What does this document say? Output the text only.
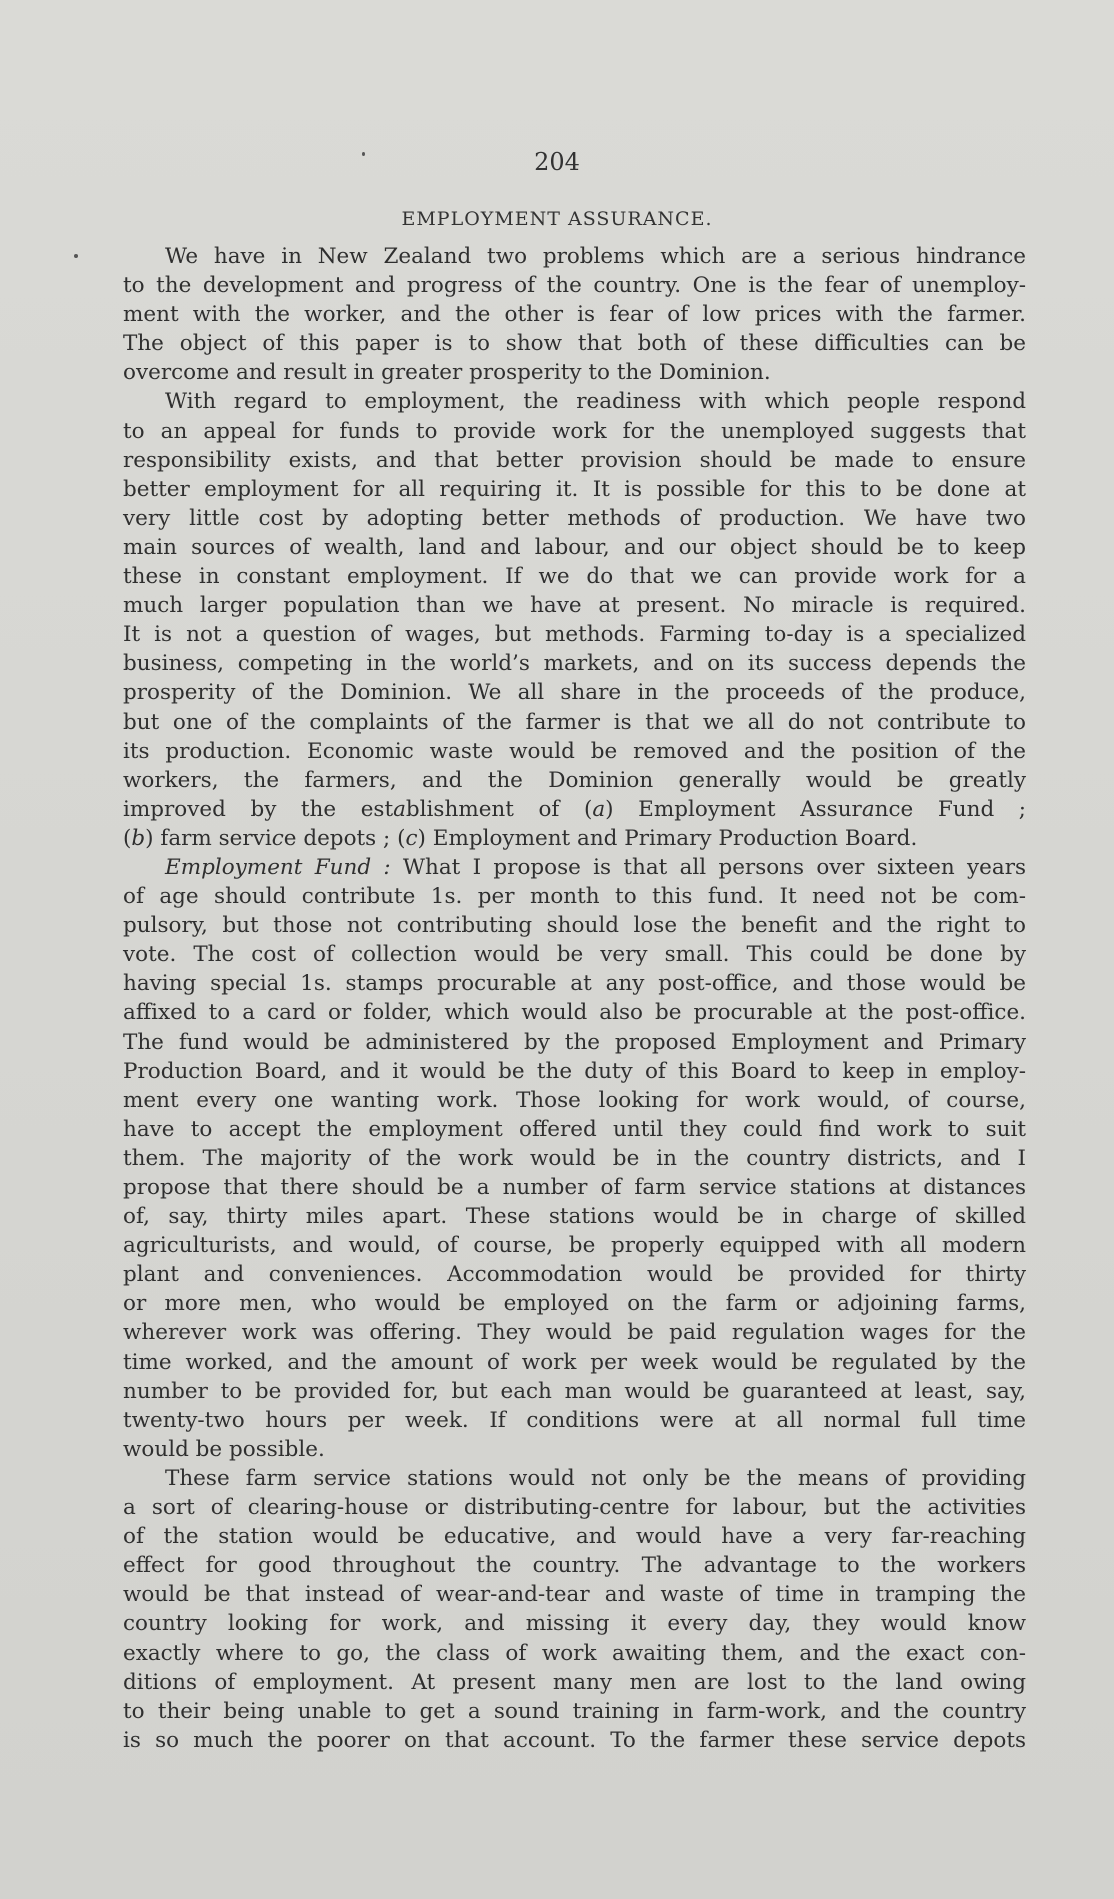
204
EMPLOYMENT ASSURANCE.
We have in New Zealand two problems which are a serious hindrance
to the development and progress of the country. One is the fear of unemploy-
ment with the worker, and the other is fear of low prices with the farmer.
The object of this paper is to show that both of these difficulties can be
overcome and result in greater prosperity to the Dominion.
With regard to employment, the readiness with which people respond
to an appeal for funds to provide work for the unemployed suggests that
responsibility exists, and that better provision should be made to ensure
better employment for all requiring it. It is possible for this to be done at
very little cost by adopting better methods of production. We have two
main sources of wealth, land and labour, and our object should be to keep
these in constant employment. If we do that we can provide work for a
much larger population than we have at present. No miracle is required.
It is not a question of wages, but methods. Farming to-day is a specialized
business, competing in the world’s markets, and on its success depends the
prosperity of the Dominion. We all share in the proceeds of the produce,
but one of the complaints of the farmer is that we all do not contribute to
its production. Economic waste would be removed and the position of the
workers, the farmers, and the Dominion generally would be greatly
improved by the establishment of (a) Employment Assurance Fund ;
(b) farm service depots ; (c) Employment and Primary Production Board.
Employment Fund : What I propose is that all persons over sixteen years
of age should contribute 1s. per month to this fund. It need not be com-
pulsory, but those not contributing should lose the benefit and the right to
vote. The cost of collection would be very small. This could be done by
having special 1s. stamps procurable at any post-office, and those would be
affixed to a card or folder, which would also be procurable at the post-office.
The fund would be administered by the proposed Employment and Primary
Production Board, and it would be the duty of this Board to keep in employ-
ment every one wanting work. Those looking for work would, of course,
have to accept the employment offered until they could find work to suit
them. The majority of the work would be in the country districts, and I
propose that there should be a number of farm service stations at distances
of, say, thirty miles apart. These stations would be in charge of skilled
agriculturists, and would, of course, be properly equipped with all modern
plant and conveniences. Accommodation would be provided for thirty
or more men, who would be employed on the farm or adjoining farms,
wherever work was offering. They would be paid regulation wages for the
time worked, and the amount of work per week would be regulated by the
number to be provided for, but each man would be guaranteed at least, say,
twenty-two hours per week. If conditions were at all normal full time
would be possible.
These farm service stations would not only be the means of providing
a sort of clearing-house or distributing-centre for labour, but the activities
of the station would be educative, and would have a very far-reaching
effect for good throughout the country. The advantage to the workers
would be that instead of wear-and-tear and waste of time in tramping the
country looking for work, and missing it every day, they would know
exactly where to go, the class of work awaiting them, and the exact con-
ditions of employment. At present many men are lost to the land owing
to their being unable to get a sound training in farm-work, and the country
is so much the poorer on that account. To the farmer these service depots
